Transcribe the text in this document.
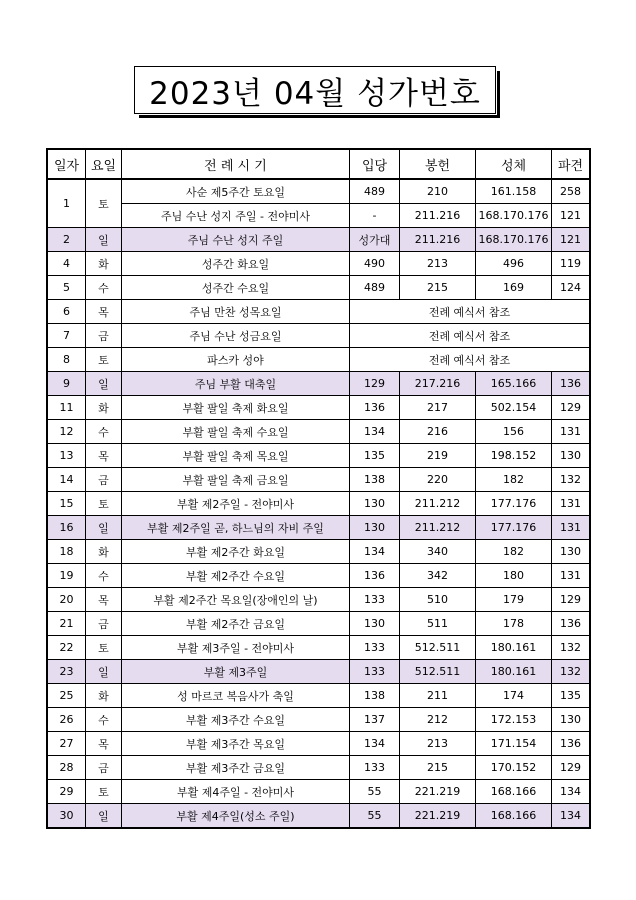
2023년 04월 성가번호
일자	요일	전 례 시 기	입당	봉헌	성체	파견
1	토	사순 제5주간 토요일	489	210	161.158	258
		주님 수난 성지 주일 - 전야미사	-	211.216	168.170.176	121
2	일	주님 수난 성지 주일	성가대	211.216	168.170.176	121
4	화	성주간 화요일	490	213	496	119
5	수	성주간 수요일	489	215	169	124
6	목	주님 만찬 성목요일	전례 예식서 참조			
7	금	주님 수난 성금요일	전례 예식서 참조			
8	토	파스카 성야	전례 예식서 참조			
9	일	주님 부활 대축일	129	217.216	165.166	136
11	화	부활 팔일 축제 화요일	136	217	502.154	129
12	수	부활 팔일 축제 수요일	134	216	156	131
13	목	부활 팔일 축제 목요일	135	219	198.152	130
14	금	부활 팔일 축제 금요일	138	220	182	132
15	토	부활 제2주일 - 전야미사	130	211.212	177.176	131
16	일	부활 제2주일 곧, 하느님의 자비 주일	130	211.212	177.176	131
18	화	부활 제2주간 화요일	134	340	182	130
19	수	부활 제2주간 수요일	136	342	180	131
20	목	부활 제2주간 목요일(장애인의 날)	133	510	179	129
21	금	부활 제2주간 금요일	130	511	178	136
22	토	부활 제3주일 - 전야미사	133	512.511	180.161	132
23	일	부활 제3주일	133	512.511	180.161	132
25	화	성 마르코 복음사가 축일	138	211	174	135
26	수	부활 제3주간 수요일	137	212	172.153	130
27	목	부활 제3주간 목요일	134	213	171.154	136
28	금	부활 제3주간 금요일	133	215	170.152	129
29	토	부활 제4주일 - 전야미사	55	221.219	168.166	134
30	일	부활 제4주일(성소 주일)	55	221.219	168.166	134
